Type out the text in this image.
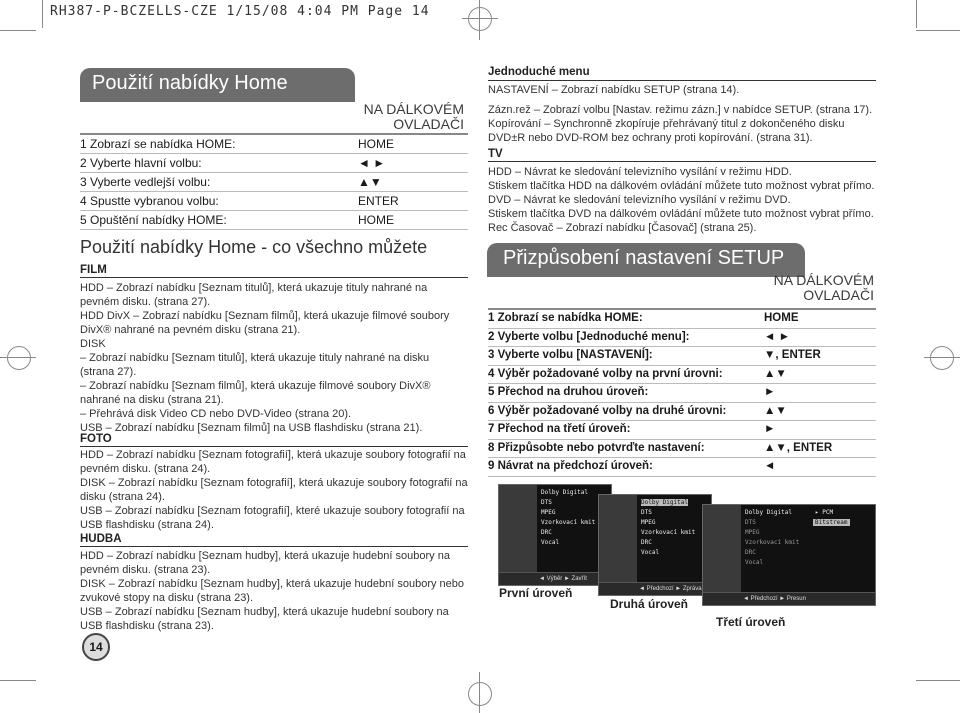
RH387-P-BCZELLS-CZE 1/15/08 4:04 PM Page 14
Použití nabídky Home
NA DÁLKOVÉM
OVLADAČI
1 Zobrazí se nabídka HOME:	HOME
2 Vyberte hlavní volbu:	◄ ►
3 Vyberte vedlejší volbu:	▲▼
4 Spustte vybranou volbu:	ENTER
5 Opuštění nabídky HOME:	HOME
Použití nabídky Home - co všechno můžete
FILM
HDD – Zobrazí nabídku [Seznam titulů], která ukazuje tituly nahrané na
pevném disku. (strana 27).
HDD DivX – Zobrazí nabídku [Seznam filmů], která ukazuje filmové soubory
DivX® nahrané na pevném disku (strana 21).
DISK
– Zobrazí nabídku [Seznam titulů], která ukazuje tituly nahrané na disku
(strana 27).
– Zobrazí nabídku [Seznam filmů], která ukazuje filmové soubory DivX®
nahrané na disku (strana 21).
– Přehrává disk Video CD nebo DVD-Video (strana 20).
USB – Zobrazí nabídku [Seznam filmů] na USB flashdisku (strana 21).
FOTO
HDD – Zobrazí nabídku [Seznam fotografií], která ukazuje soubory fotografií na
pevném disku. (strana 24).
DISK – Zobrazí nabídku [Seznam fotografií], která ukazuje soubory fotografií na
disku (strana 24).
USB – Zobrazí nabídku [Seznam fotografií], které ukazuje soubory fotografií na
USB flashdisku (strana 24).
HUDBA
HDD – Zobrazí nabídku [Seznam hudby], která ukazuje hudební soubory na
pevném disku. (strana 23).
DISK – Zobrazí nabídku [Seznam hudby], která ukazuje hudební soubory nebo
zvukové stopy na disku (strana 23).
USB – Zobrazí nabídku [Seznam hudby], která ukazuje hudební soubory na
USB flashdisku (strana 23).
14
Jednoduché menu
NASTAVENÍ – Zobrazí nabídku SETUP (strana 14).
Zázn.rež – Zobrazí volbu [Nastav. režimu zázn.] v nabídce SETUP. (strana 17).
Kopírování – Synchronně zkopíruje přehrávaný titul z dokončeného disku
DVD±R nebo DVD-ROM bez ochrany proti kopírování. (strana 31).
TV
HDD – Návrat ke sledování televizního vysílání v režimu HDD.
Stiskem tlačítka HDD na dálkovém ovládání můžete tuto možnost vybrat přímo.
DVD – Návrat ke sledování televizního vysílání v režimu DVD.
Stiskem tlačítka DVD na dálkovém ovládání můžete tuto možnost vybrat přímo.
Rec Časovač – Zobrazí nabídku [Časovač] (strana 25).
Přizpůsobení nastavení SETUP
NA DÁLKOVÉM
OVLADAČI
1 Zobrazí se nabídka HOME:	HOME
2 Vyberte volbu [Jednoduché menu]:	◄ ►
3 Vyberte volbu [NASTAVENÍ]:	▼, ENTER
4 Výběr požadované volby na první úrovni:	▲▼
5 Přechod na druhou úroveň:	►
6 Výběr požadované volby na druhé úrovni:	▲▼
7 Přechod na třetí úroveň:	►
8 Přizpůsobte nebo potvrďte nastavení:	▲▼, ENTER
9 Návrat na předchozí úroveň:	◄
Dolby Digital
DTS
MPEG
Vzorkovací kmit
DRC
Vocal
◄ Výběr ► Zavřít
Dolby Digital
DTS
MPEG
Vzorkovací kmit
DRC
Vocal
◄ Předchozí ► Zpráva
Dolby Digital
DTS
MPEG
Vzorkovací kmit
DRC
Vocal
▸ PCM
Bitstream
◄ Předchozí ► Presun
První úroveň
Druhá úroveň
Třetí úroveň
